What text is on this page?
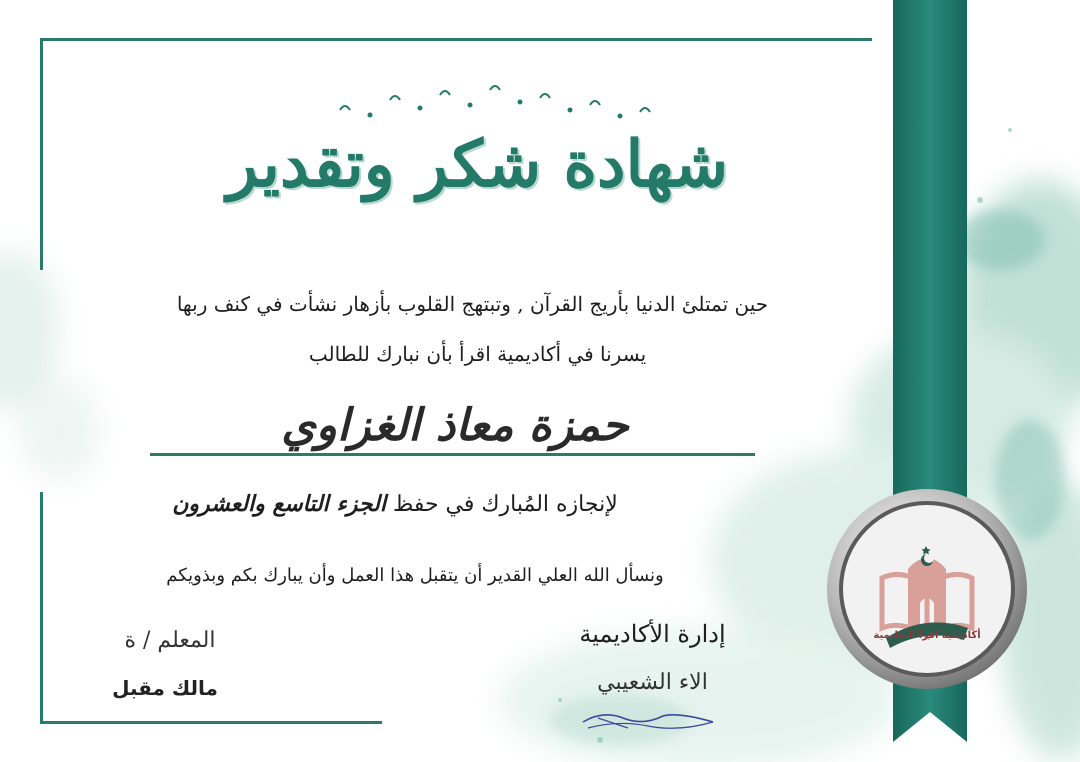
شهادة شكر وتقدير
حين تمتلئ الدنيا بأريج القرآن , وتبتهج القلوب بأزهار نشأت في كنف ربها
يسرنا في أكاديمية اقرأ بأن نبارك للطالب
حمزة معاذ الغزاوي
لإنجازه المُبارك في حفظ الجزء التاسع والعشرون
ونسأل الله العلي القدير أن يتقبل هذا العمل وأن يبارك بكم وبذويكم
إدارة الأكاديمية
الاء الشعيبي
المعلم / ة
مالك مقبل
أكاديمية اقرأ التعليمية
